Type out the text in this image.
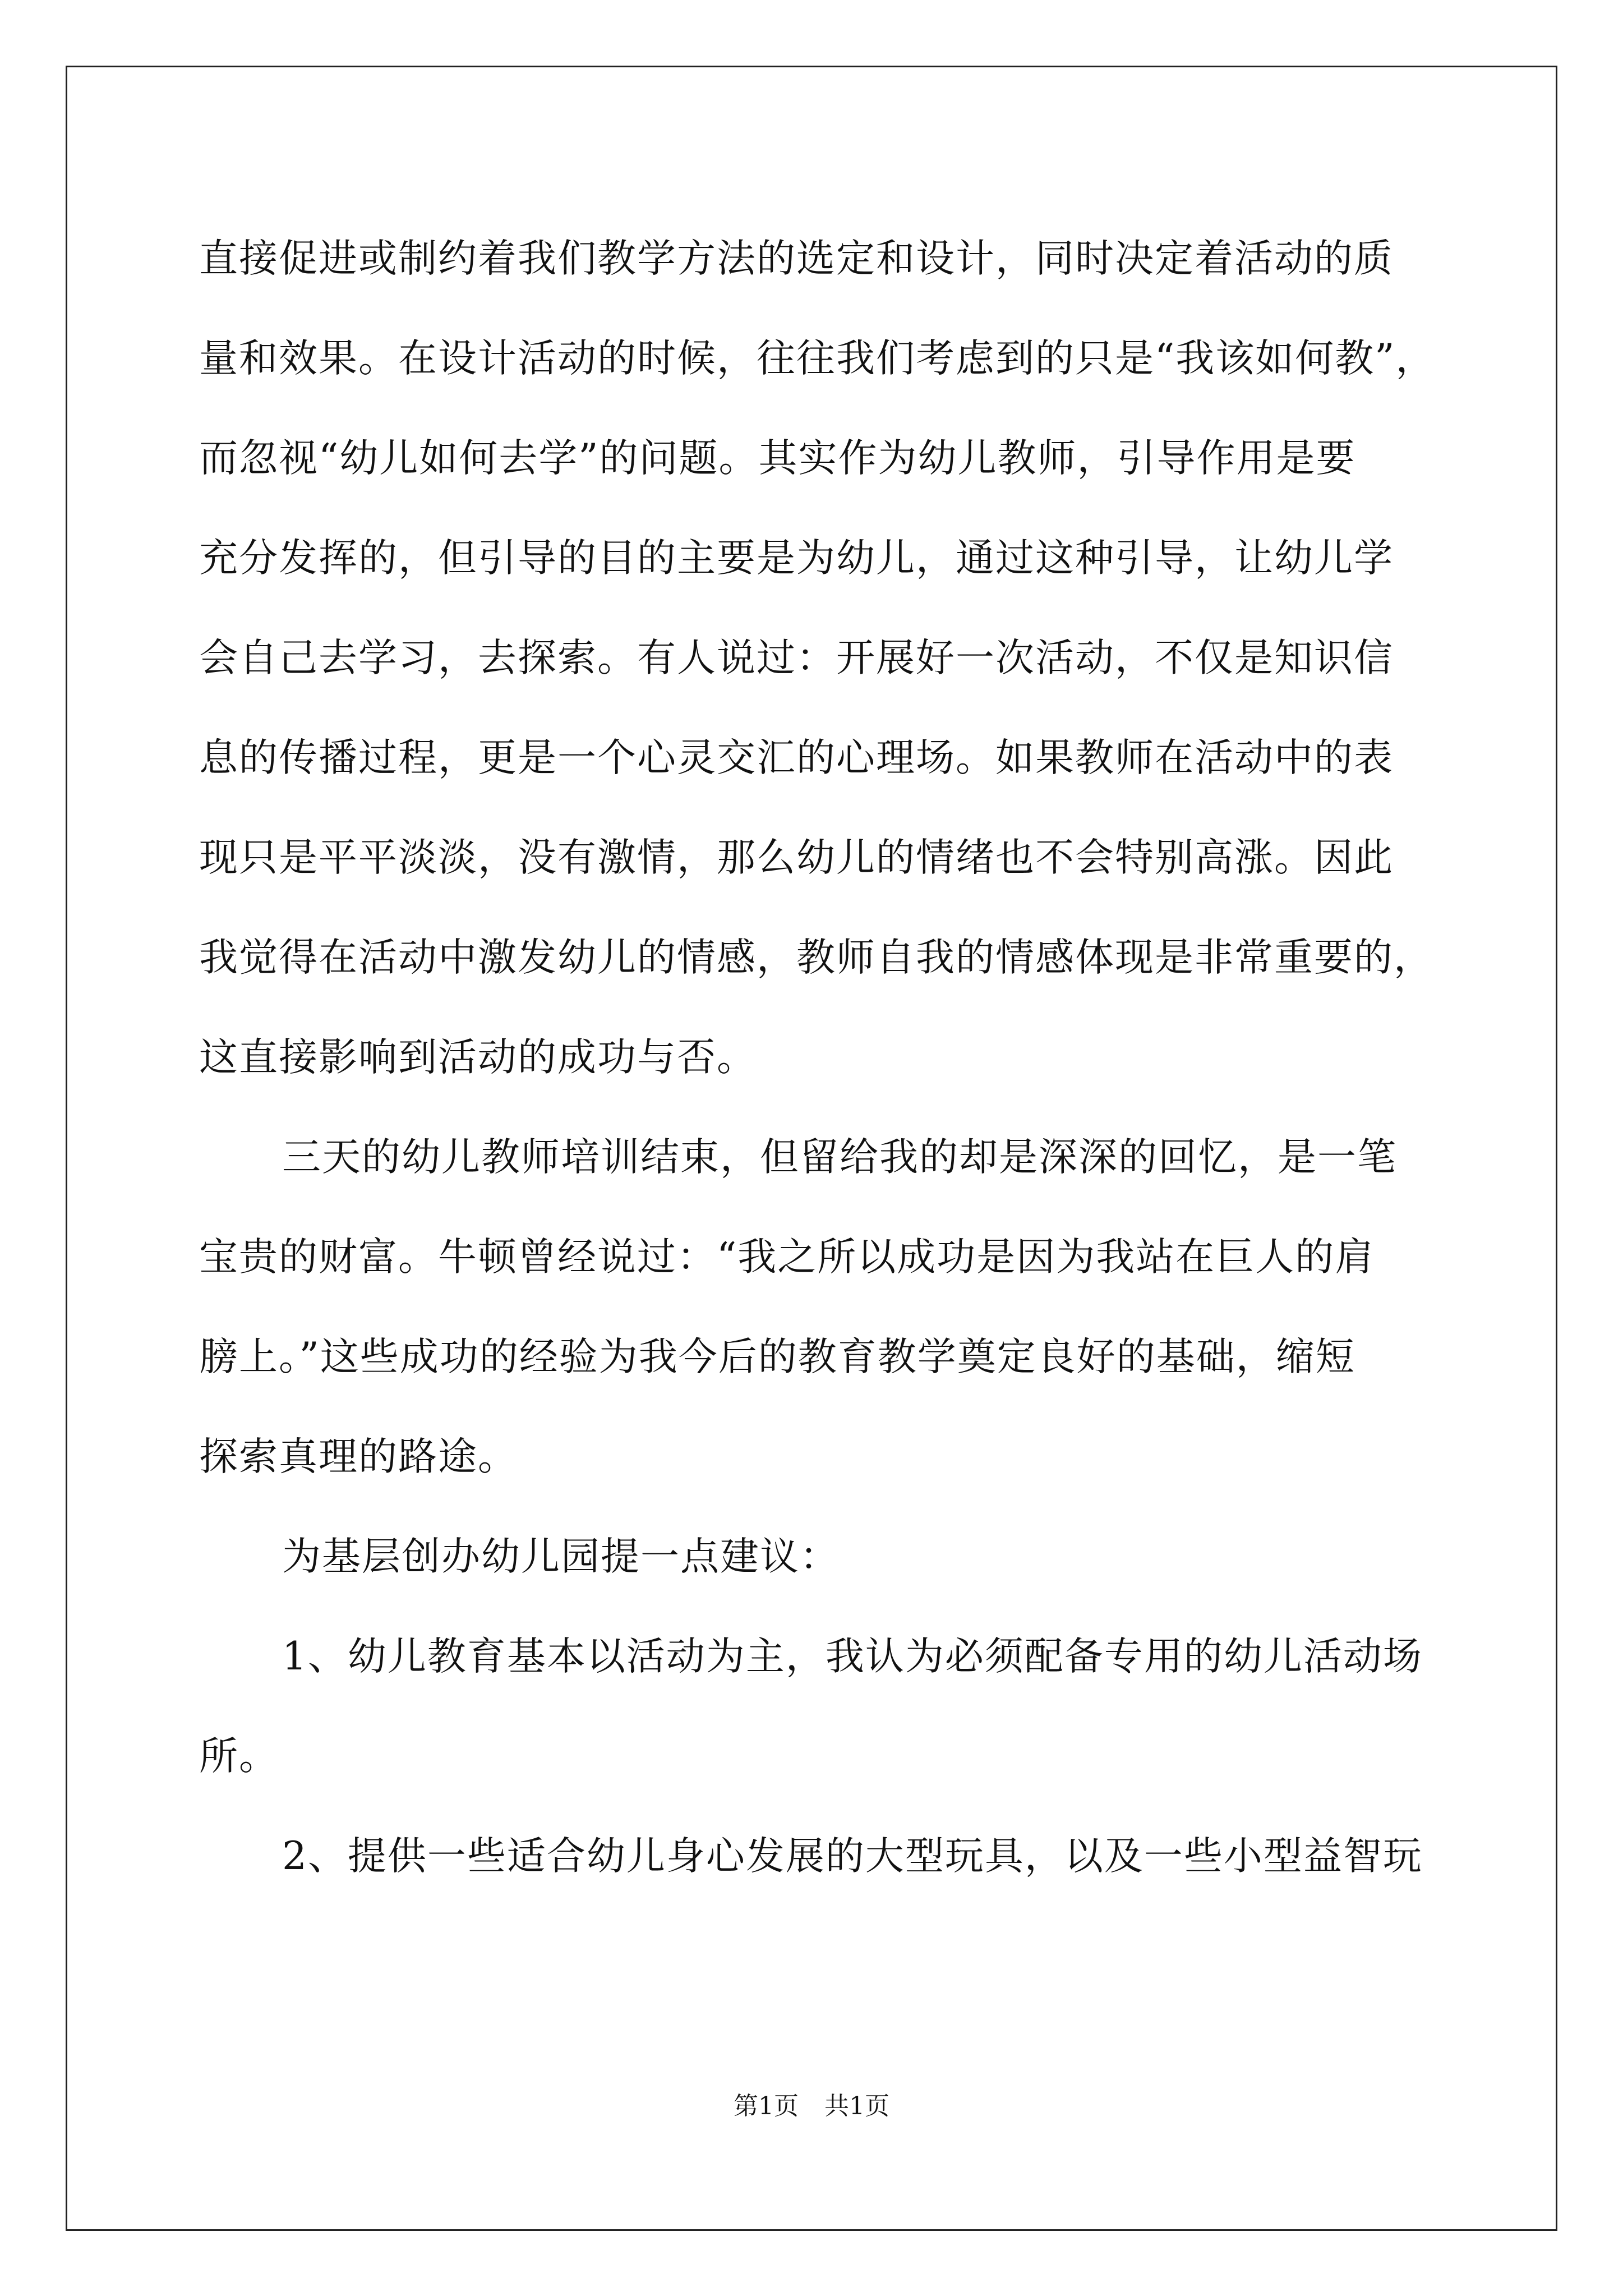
直接促进或制约着我们教学方法的选定和设计，同时决定着活动的质
量和效果。在设计活动的时候，往往我们考虑到的只是“我该如何教”，
而忽视“幼儿如何去学”的问题。其实作为幼儿教师，引导作用是要
充分发挥的，但引导的目的主要是为幼儿，通过这种引导，让幼儿学
会自己去学习，去探索。有人说过：开展好一次活动，不仅是知识信
息的传播过程，更是一个心灵交汇的心理场。如果教师在活动中的表
现只是平平淡淡，没有激情，那么幼儿的情绪也不会特别高涨。因此
我觉得在活动中激发幼儿的情感，教师自我的情感体现是非常重要的，
这直接影响到活动的成功与否。
三天的幼儿教师培训结束，但留给我的却是深深的回忆，是一笔
宝贵的财富。牛顿曾经说过：“我之所以成功是因为我站在巨人的肩
膀上。”这些成功的经验为我今后的教育教学奠定良好的基础，缩短
探索真理的路途。
为基层创办幼儿园提一点建议：
1、幼儿教育基本以活动为主，我认为必须配备专用的幼儿活动场
所。
2、提供一些适合幼儿身心发展的大型玩具，以及一些小型益智玩
第1页 共1页
